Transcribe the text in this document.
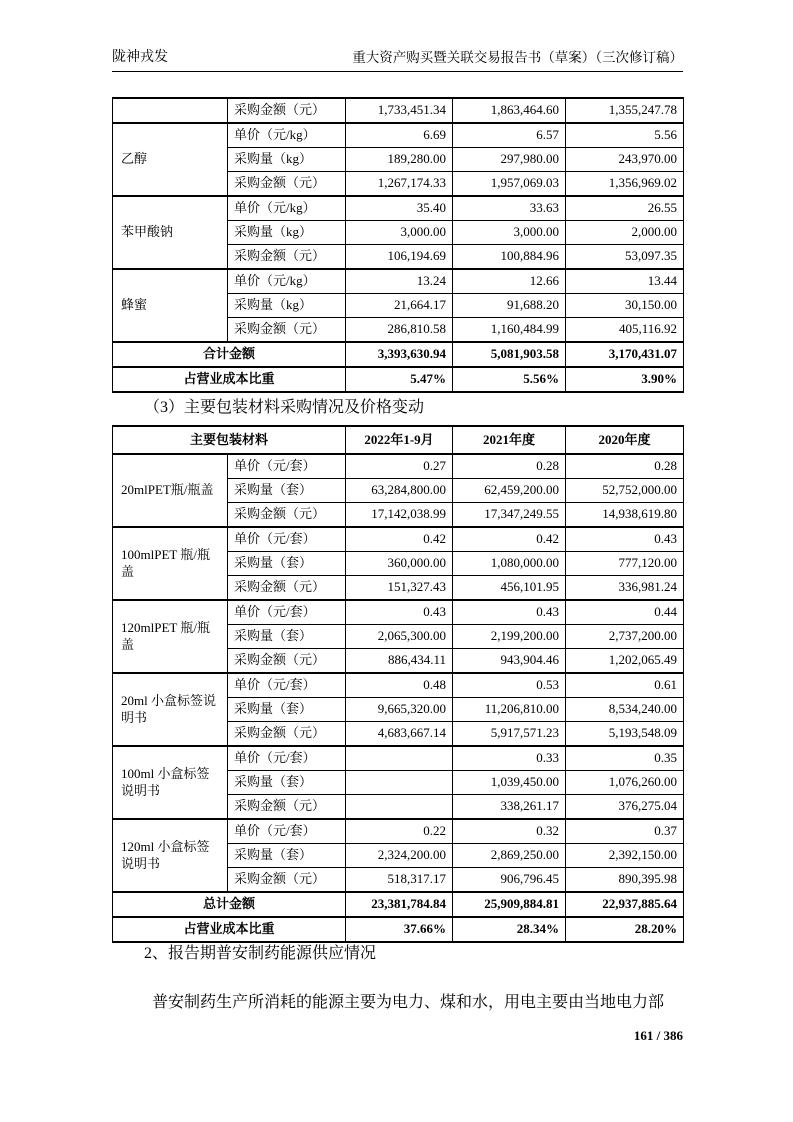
陇神戎发	重大资产购买暨关联交易报告书（草案）（三次修订稿）
	采购金额（元）	1,733,451.34	1,863,464.60	1,355,247.78
乙醇	单价（元/kg）	6.69	6.57	5.56
	采购量（kg）	189,280.00	297,980.00	243,970.00
	采购金额（元）	1,267,174.33	1,957,069.03	1,356,969.02
苯甲酸钠	单价（元/kg）	35.40	33.63	26.55
	采购量（kg）	3,000.00	3,000.00	2,000.00
	采购金额（元）	106,194.69	100,884.96	53,097.35
蜂蜜	单价（元/kg）	13.24	12.66	13.44
	采购量（kg）	21,664.17	91,688.20	30,150.00
	采购金额（元）	286,810.58	1,160,484.99	405,116.92
合计金额		3,393,630.94	5,081,903.58	3,170,431.07
占营业成本比重		5.47%	5.56%	3.90%
（3）主要包装材料采购情况及价格变动
主要包装材料		2022年1-9月	2021年度	2020年度
20mlPET瓶/瓶盖	单价（元/套）	0.27	0.28	0.28
	采购量（套）	63,284,800.00	62,459,200.00	52,752,000.00
	采购金额（元）	17,142,038.99	17,347,249.55	14,938,619.80
100mlPET 瓶/瓶盖	单价（元/套）	0.42	0.42	0.43
	采购量（套）	360,000.00	1,080,000.00	777,120.00
	采购金额（元）	151,327.43	456,101.95	336,981.24
120mlPET 瓶/瓶盖	单价（元/套）	0.43	0.43	0.44
	采购量（套）	2,065,300.00	2,199,200.00	2,737,200.00
	采购金额（元）	886,434.11	943,904.46	1,202,065.49
20ml 小盒标签说明书	单价（元/套）	0.48	0.53	0.61
	采购量（套）	9,665,320.00	11,206,810.00	8,534,240.00
	采购金额（元）	4,683,667.14	5,917,571.23	5,193,548.09
100ml 小盒标签说明书	单价（元/套）		0.33	0.35
	采购量（套）		1,039,450.00	1,076,260.00
	采购金额（元）		338,261.17	376,275.04
120ml 小盒标签说明书	单价（元/套）	0.22	0.32	0.37
	采购量（套）	2,324,200.00	2,869,250.00	2,392,150.00
	采购金额（元）	518,317.17	906,796.45	890,395.98
总计金额		23,381,784.84	25,909,884.81	22,937,885.64
占营业成本比重		37.66%	28.34%	28.20%
2、报告期普安制药能源供应情况
普安制药生产所消耗的能源主要为电力、煤和水，用电主要由当地电力部
161 / 386
